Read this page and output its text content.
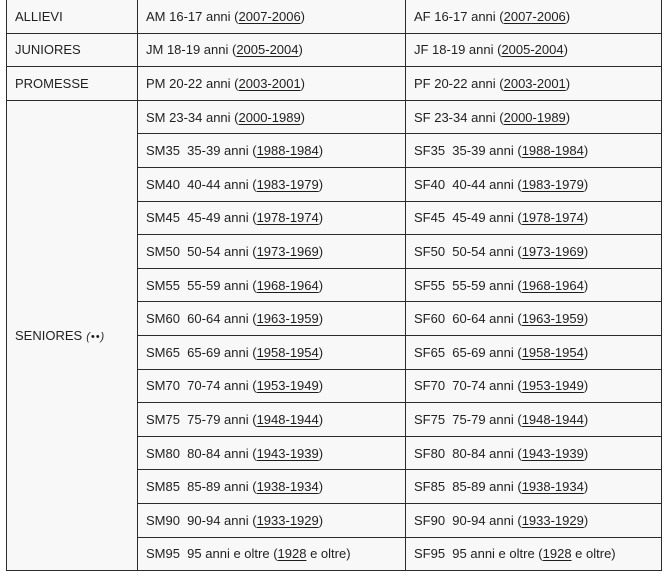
ALLIEVI	AM 16-17 anni (2007-2006)	AF 16-17 anni (2007-2006)
JUNIORES	JM 18-19 anni (2005-2004)	JF 18-19 anni (2005-2004)
PROMESSE	PM 20-22 anni (2003-2001)	PF 20-22 anni (2003-2001)
SENIORES (••)	SM 23-34 anni (2000-1989)	SF 23-34 anni (2000-1989)
	SM35  35-39 anni (1988-1984)	SF35  35-39 anni (1988-1984)
	SM40  40-44 anni (1983-1979)	SF40  40-44 anni (1983-1979)
	SM45  45-49 anni (1978-1974)	SF45  45-49 anni (1978-1974)
	SM50  50-54 anni (1973-1969)	SF50  50-54 anni (1973-1969)
	SM55  55-59 anni (1968-1964)	SF55  55-59 anni (1968-1964)
	SM60  60-64 anni (1963-1959)	SF60  60-64 anni (1963-1959)
	SM65  65-69 anni (1958-1954)	SF65  65-69 anni (1958-1954)
	SM70  70-74 anni (1953-1949)	SF70  70-74 anni (1953-1949)
	SM75  75-79 anni (1948-1944)	SF75  75-79 anni (1948-1944)
	SM80  80-84 anni (1943-1939)	SF80  80-84 anni (1943-1939)
	SM85  85-89 anni (1938-1934)	SF85  85-89 anni (1938-1934)
	SM90  90-94 anni (1933-1929)	SF90  90-94 anni (1933-1929)
	SM95  95 anni e oltre (1928 e oltre)	SF95  95 anni e oltre (1928 e oltre)
